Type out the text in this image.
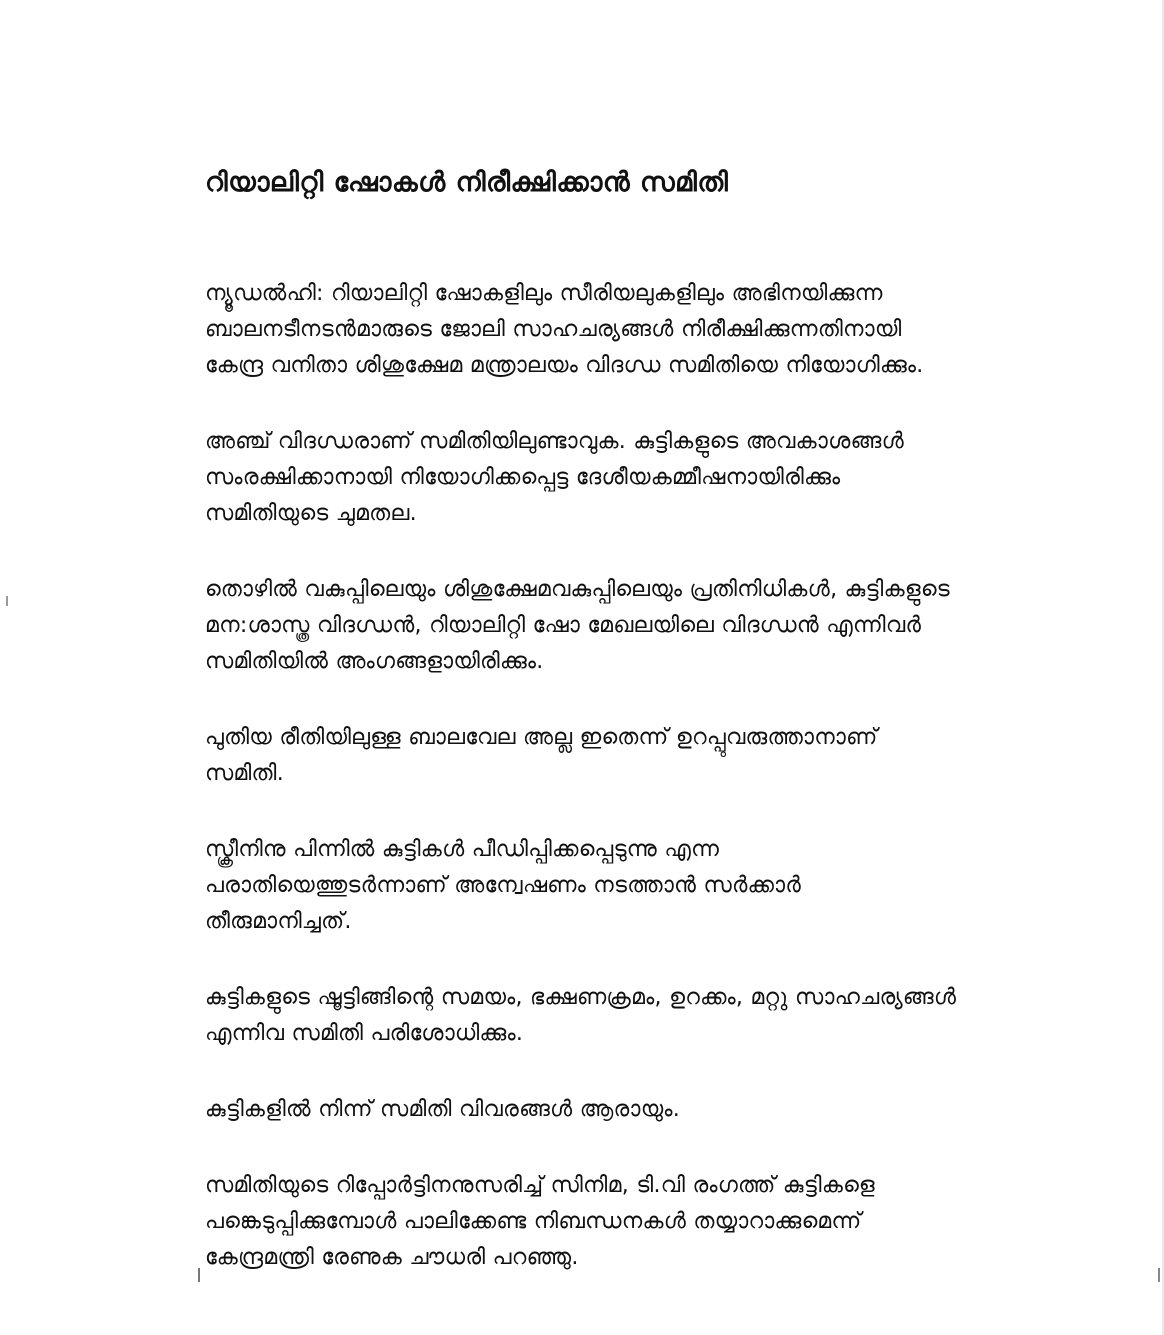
റിയാലിറ്റി ഷോകൾ നിരീക്ഷിക്കാൻ സമിതി

ന്യൂഡൽഹി: റിയാലിറ്റി ഷോകളിലും സീരിയലുകളിലും അഭിനയിക്കുന്ന
ബാലനടീനടൻമാരുടെ ജോലി സാഹചര്യങ്ങൾ നിരീക്ഷിക്കുന്നതിനായി
കേന്ദ്ര വനിതാ ശിശുക്ഷേമ മന്ത്രാലയം വിദഗ്ധ സമിതിയെ നിയോഗിക്കും.

അഞ്ച് വിദഗ്ധരാണ് സമിതിയിലുണ്ടാവുക. കുട്ടികളുടെ അവകാശങ്ങൾ
സംരക്ഷിക്കാനായി നിയോഗിക്കപ്പെട്ട ദേശീയകമ്മീഷനായിരിക്കും
സമിതിയുടെ ചുമതല.

തൊഴിൽ വകുപ്പിലെയും ശിശുക്ഷേമവകുപ്പിലെയും പ്രതിനിധികൾ, കുട്ടികളുടെ
മന:ശാസ്ത്ര വിദഗ്ധൻ, റിയാലിറ്റി ഷോ മേഖലയിലെ വിദഗ്ധൻ എന്നിവർ
സമിതിയിൽ അംഗങ്ങളായിരിക്കും.

പുതിയ രീതിയിലുള്ള ബാലവേല അല്ല ഇതെന്ന് ഉറപ്പുവരുത്താനാണ്
സമിതി.

സ്ക്രീനിനു പിന്നിൽ കുട്ടികൾ പീഡിപ്പിക്കപ്പെടുന്നു എന്ന
പരാതിയെത്തുടർന്നാണ് അന്വേഷണം നടത്താൻ സർക്കാർ
തീരുമാനിച്ചത്.

കുട്ടികളുടെ ഷൂട്ടിങ്ങിന്റെ സമയം, ഭക്ഷണക്രമം, ഉറക്കം, മറ്റു സാഹചര്യങ്ങൾ
എന്നിവ സമിതി പരിശോധിക്കും.

കുട്ടികളിൽ നിന്ന് സമിതി വിവരങ്ങൾ ആരായും.

സമിതിയുടെ റിപ്പോർട്ടിനനുസരിച്ച് സിനിമ, ടി.വി രംഗത്ത് കുട്ടികളെ
പങ്കെടുപ്പിക്കുമ്പോൾ പാലിക്കേണ്ട നിബന്ധനകൾ തയ്യാറാക്കുമെന്ന്
കേന്ദ്രമന്ത്രി രേണുക ചൗധരി പറഞ്ഞു.
